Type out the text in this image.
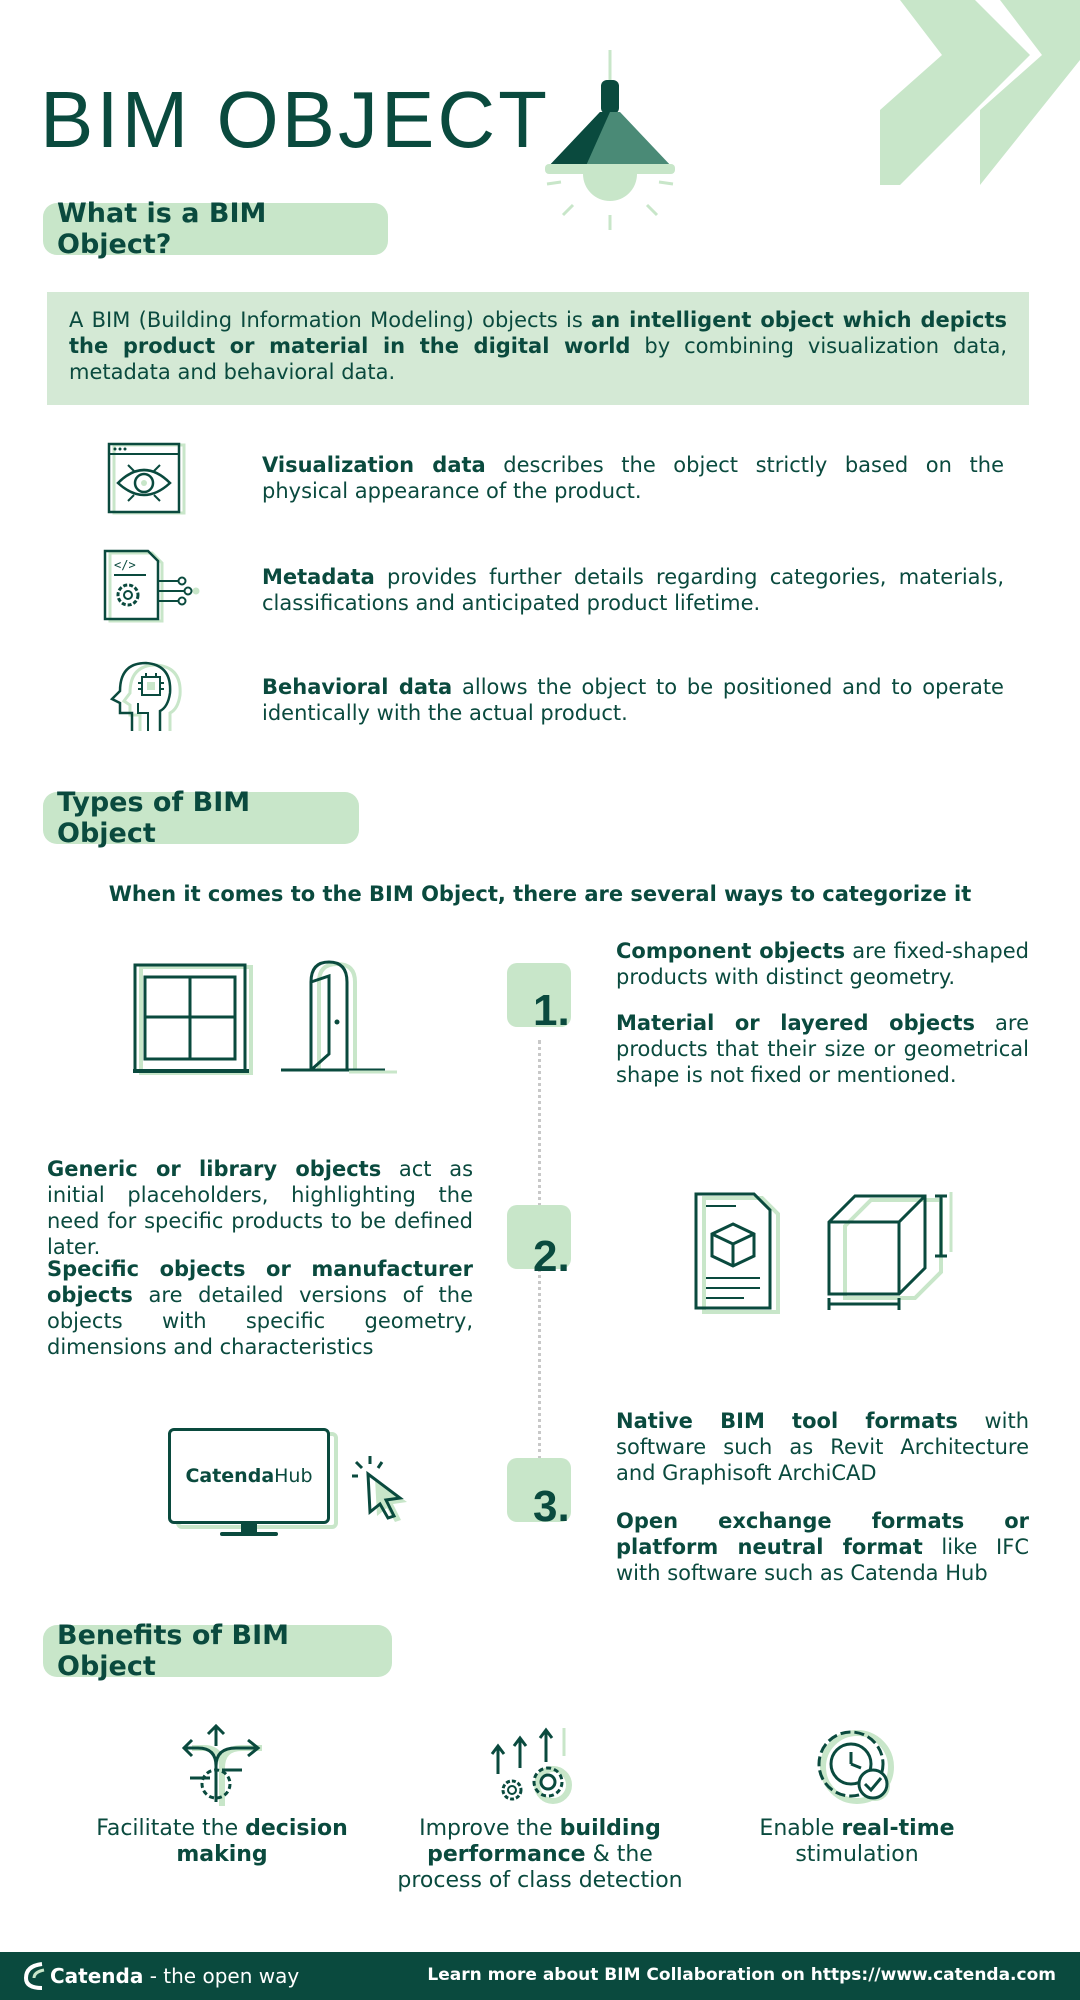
BIM OBJECT
What is a BIM Object?

A BIM (Building Information Modeling) objects is an intelligent object which depicts the product or material in the digital world by combining visualization data, metadata and behavioral data.

Visualization data describes the object strictly based on the physical appearance of the product.

</>	Metadata provides further details regarding categories, materials, classifications and anticipated product lifetime.

Behavioral data allows the object to be positioned and to operate identically with the actual product.

Types of BIM Object
When it comes to the BIM Object, there are several ways to categorize it
1.
2.
3.

Component objects are fixed-shaped products with distinct geometry.

Material or layered objects are products that their size or geometrical shape is not fixed or mentioned.

Generic or library objects act as initial placeholders, highlighting the need for specific products to be defined later.

Specific objects or manufacturer objects are detailed versions of the objects with specific geometry, dimensions and characteristics

Native BIM tool formats with software such as Revit Architecture and Graphisoft ArchiCAD

Open exchange formats or platform neutral format like IFC with software such as Catenda Hub

Catenda Hub
Benefits of BIM Object

Facilitate the decision making

Improve the building performance & the process of class detection

Enable real-time stimulation

Catenda - the open way	Learn more about BIM Collaboration on https://www.catenda.com
